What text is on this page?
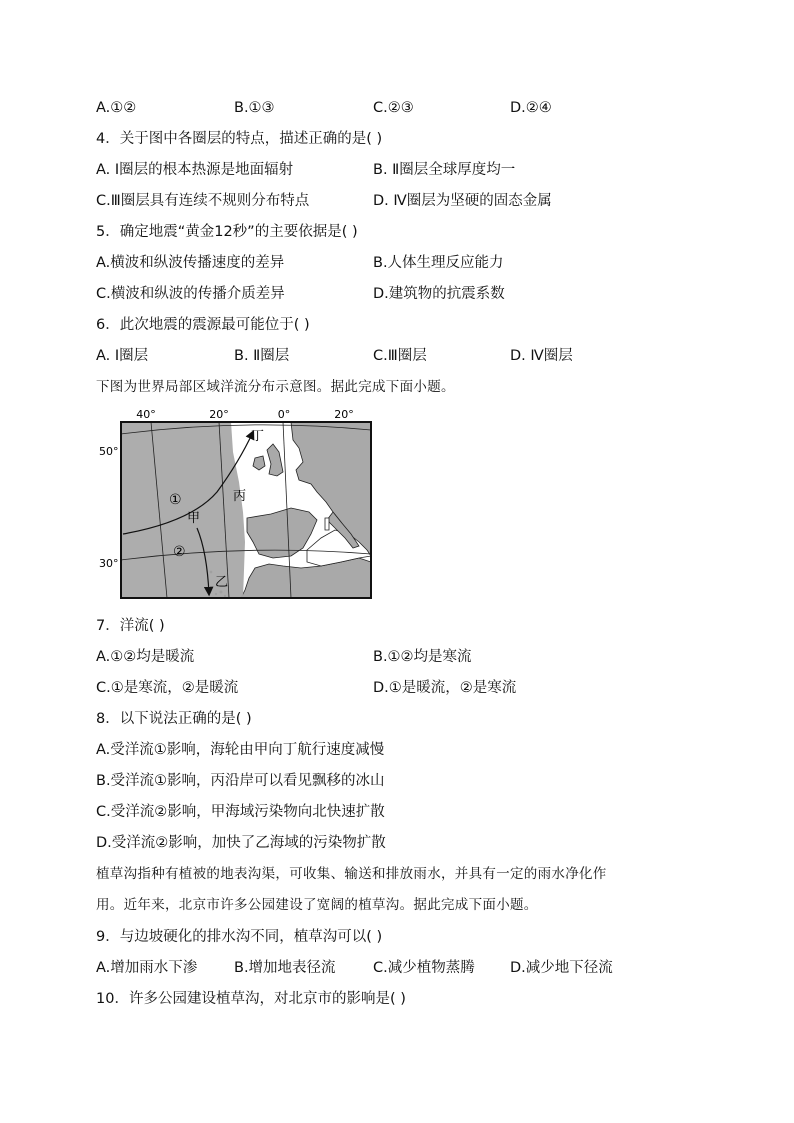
A.①②	B.①③	C.②③	D.②④
4．关于图中各圈层的特点，描述正确的是( )
A. Ⅰ圈层的根本热源是地面辐射	B. Ⅱ圈层全球厚度均一
C.Ⅲ圈层具有连续不规则分布特点	D. Ⅳ圈层为坚硬的固态金属
5．确定地震“黄金12秒”的主要依据是( )
A.横波和纵波传播速度的差异	B.人体生理反应能力
C.横波和纵波的传播介质差异	D.建筑物的抗震系数
6．此次地震的震源最可能位于( )
A. Ⅰ圈层	B. Ⅱ圈层	C.Ⅲ圈层	D. Ⅳ圈层
下图为世界局部区域洋流分布示意图。据此完成下面小题。
40°	20°	0°	20°
50°
30°
丁
丙
甲
乙
①
②
7．洋流( )
A.①②均是暖流	B.①②均是寒流
C.①是寒流，②是暖流	D.①是暖流，②是寒流
8．以下说法正确的是( )
A.受洋流①影响，海轮由甲向丁航行速度减慢
B.受洋流①影响，丙沿岸可以看见飘移的冰山
C.受洋流②影响，甲海域污染物向北快速扩散
D.受洋流②影响，加快了乙海域的污染物扩散
植草沟指种有植被的地表沟渠，可收集、输送和排放雨水，并具有一定的雨水净化作
用。近年来，北京市许多公园建设了宽阔的植草沟。据此完成下面小题。
9．与边坡硬化的排水沟不同，植草沟可以( )
A.增加雨水下渗	B.增加地表径流	C.减少植物蒸腾 D.减少地下径流
10．许多公园建设植草沟，对北京市的影响是( )
